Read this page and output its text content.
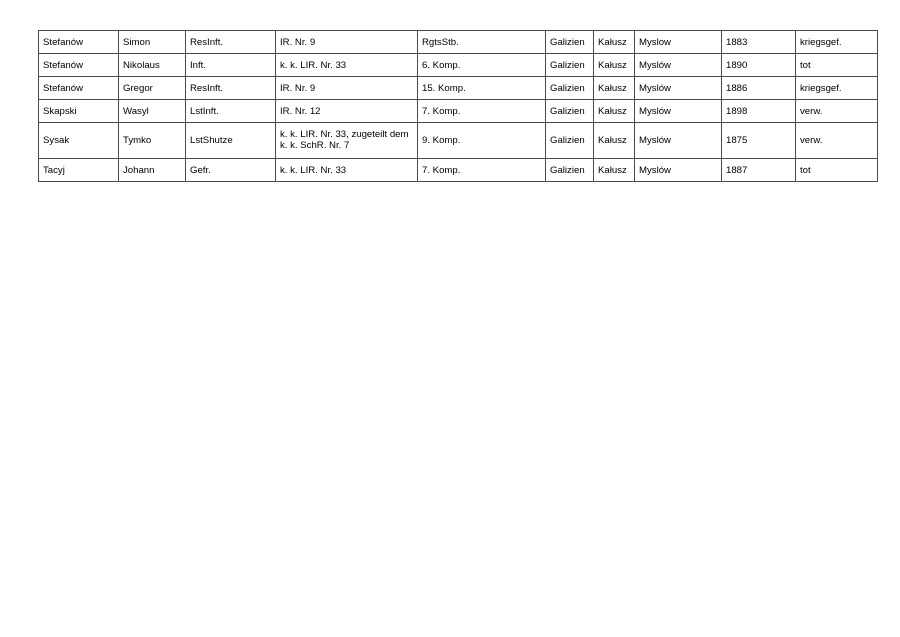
Stefanów	Simon	ResInft.	IR. Nr. 9	RgtsStb.	Galizien	Kałusz	Myslow	1883	kriegsgef.
Stefanów	Nikolaus	Inft.	k. k. LIR. Nr. 33	6. Komp.	Galizien	Kałusz	Myslów	1890	tot
Stefanów	Gregor	ResInft.	IR. Nr. 9	15. Komp.	Galizien	Kałusz	Myslów	1886	kriegsgef.
Skapski	Wasyl	LstInft.	IR. Nr. 12	7. Komp.	Galizien	Kałusz	Myslów	1898	verw.
Sysak	Tymko	LstShutze	k. k. LIR. Nr. 33, zugeteilt dem k. k. SchR. Nr. 7	9. Komp.	Galizien	Kałusz	Myslów	1875	verw.
Tacyj	Johann	Gefr.	k. k. LIR. Nr. 33	7. Komp.	Galizien	Kałusz	Myslów	1887	tot
